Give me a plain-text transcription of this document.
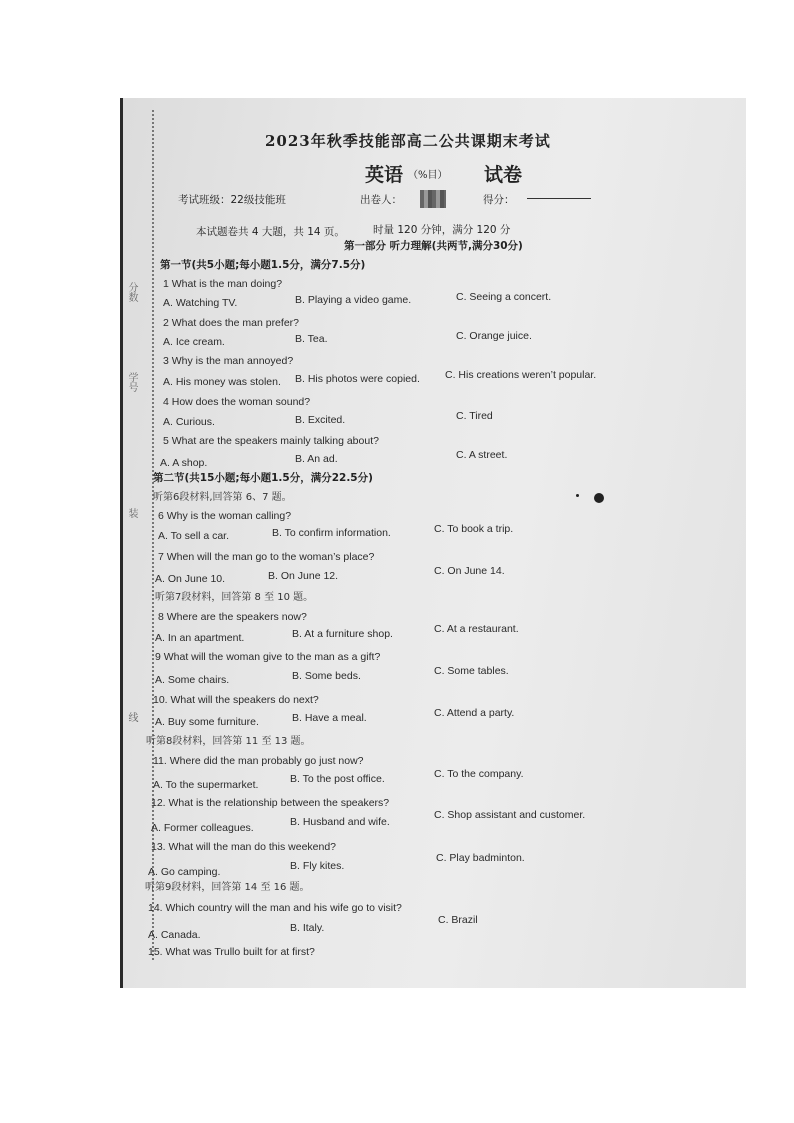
分数
学号
装
线
2023年秋季技能部高二公共课期末考试
英语 （%目） 试卷
考试班级：22级技能班	出卷人：	得分：
本试题卷共 4 大题，共 14 页。	时量 120 分钟，满分 120 分
第一部分 听力理解(共两节,满分30分)
第一节(共5小题;每小题1.5分，满分7.5分)
1 What is the man doing?
A. Watching TV.	B. Playing a video game.	C. Seeing a concert.
2 What does the man prefer?
A. Ice cream.	B. Tea.	C. Orange juice.
3 Why is the man annoyed?
A. His money was stolen. B. His photos were copied. C. His creations weren’t popular.
4 How does the woman sound?
A. Curious.	B. Excited.	C. Tired
5 What are the speakers mainly talking about?
A. A shop.	B. An ad.	C. A street.
第二节(共15小题;每小题1.5分，满分22.5分)
听第6段材料,回答第 6、7 题。
6 Why is the woman calling?
A. To sell a car.	B. To confirm information.	C. To book a trip.
7 When will the man go to the woman’s place?
A. On June 10.	B. On June 12.	C. On June 14.
听第7段材料，回答第 8 至 10 题。
8 Where are the speakers now?
A. In an apartment.	B. At a furniture shop.	C. At a restaurant.
9 What will the woman give to the man as a gift?
A. Some chairs.	B. Some beds.	C. Some tables.
10. What will the speakers do next?
A. Buy some furniture.	B. Have a meal.	C. Attend a party.
听第8段材料，回答第 11 至 13 题。
11. Where did the man probably go just now?
A. To the supermarket.	B. To the post office.	C. To the company.
12. What is the relationship between the speakers?
A. Former colleagues.	B. Husband and wife.
C. Shop assistant and customer.
13. What will the man do this weekend?
A. Go camping.	B. Fly kites.
C. Play badminton.
听第9段材料，回答第 14 至 16 题。
14. Which country will the man and his wife go to visit?
A. Canada.
B. Italy.
C. Brazil
15. What was Trullo built for at first?
